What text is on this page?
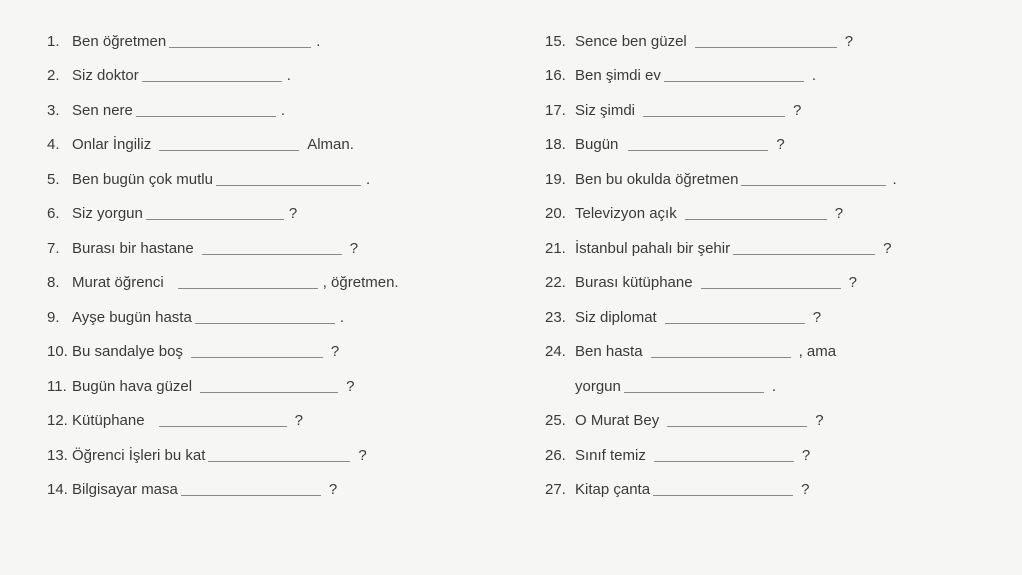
1. Ben öğretmen	.
2. Siz doktor	.
3. Sen nere	.
4. Onlar İngiliz	Alman.
5. Ben bugün çok mutlu	.
6. Siz yorgun	?
7. Burası bir hastane	?
8. Murat öğrenci	, öğretmen.
9. Ayşe bugün hasta	.
10. Bu sandalye boş	?
11. Bugün hava güzel	?
12. Kütüphane	?
13. Öğrenci İşleri bu kat	?
14. Bilgisayar masa	?
15. Sence ben güzel	?
16. Ben şimdi ev	.
17. Siz şimdi	?
18. Bugün	?
19. Ben bu okulda öğretmen	.
20. Televizyon açık	?
21. İstanbul pahalı bir şehir	?
22. Burası kütüphane	?
23. Siz diplomat	?
24. Ben hasta	, ama
yorgun	.
25. O Murat Bey	?
26. Sınıf temiz	?
27. Kitap çanta	?
